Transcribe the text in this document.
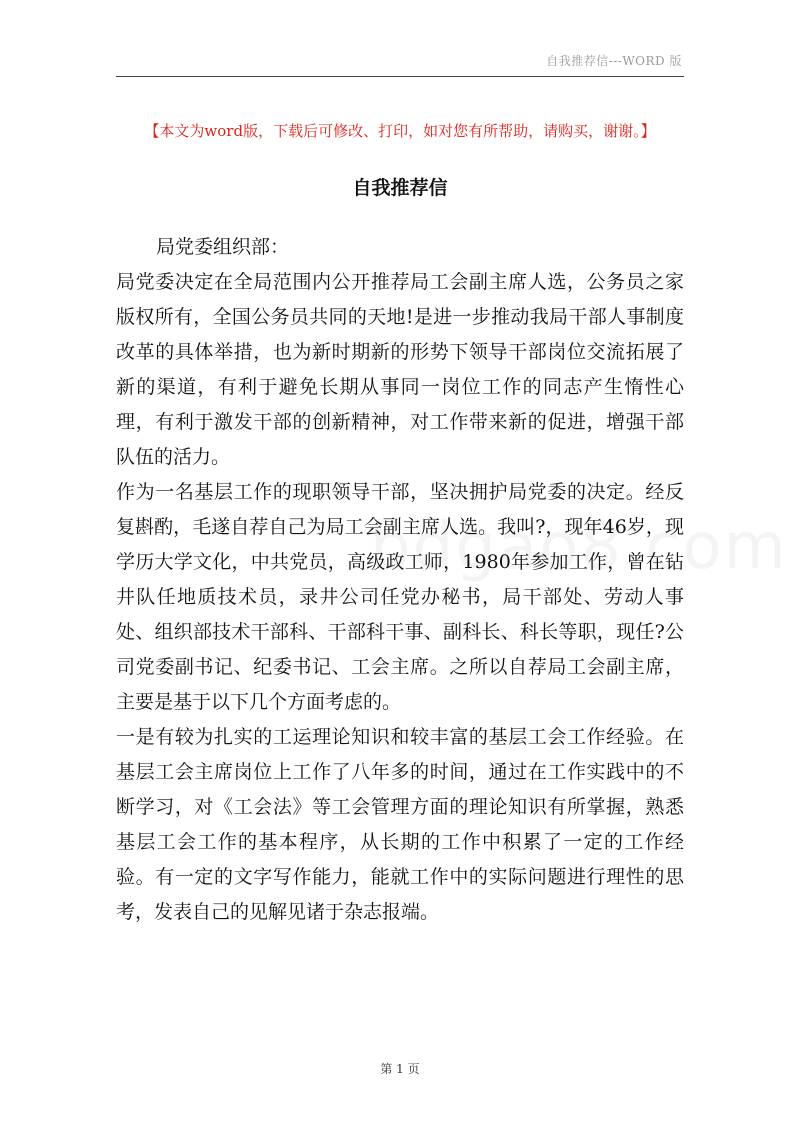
自我推荐信---WORD 版
【本文为word版，下载后可修改、打印，如对您有所帮助，请购买，谢谢。】
自我推荐信

局党委组织部：

局党委决定在全局范围内公开推荐局工会副主席人选，公务员之家版权所有，全国公务员共同的天地!是进一步推动我局干部人事制度改革的具体举措，也为新时期新的形势下领导干部岗位交流拓展了新的渠道，有利于避免长期从事同一岗位工作的同志产生惰性心理，有利于激发干部的创新精神，对工作带来新的促进，增强干部队伍的活力。

作为一名基层工作的现职领导干部，坚决拥护局党委的决定。经反复斟酌，毛遂自荐自己为局工会副主席人选。我叫?，现年46岁，现学历大学文化，中共党员，高级政工师，1980年参加工作，曾在钻井队任地质技术员，录井公司任党办秘书，局干部处、劳动人事处、组织部技术干部科、干部科干事、副科长、科长等职，现任?公司党委副书记、纪委书记、工会主席。之所以自荐局工会副主席，主要是基于以下几个方面考虑的。

一是有较为扎实的工运理论知识和较丰富的基层工会工作经验。在基层工会主席岗位上工作了八年多的时间，通过在工作实践中的不断学习，对《工会法》等工会管理方面的理论知识有所掌握，熟悉基层工会工作的基本程序，从长期的工作中积累了一定的工作经验。有一定的文字写作能力，能就工作中的实际问题进行理性的思考，发表自己的见解见诸于杂志报端。

第 1 页
